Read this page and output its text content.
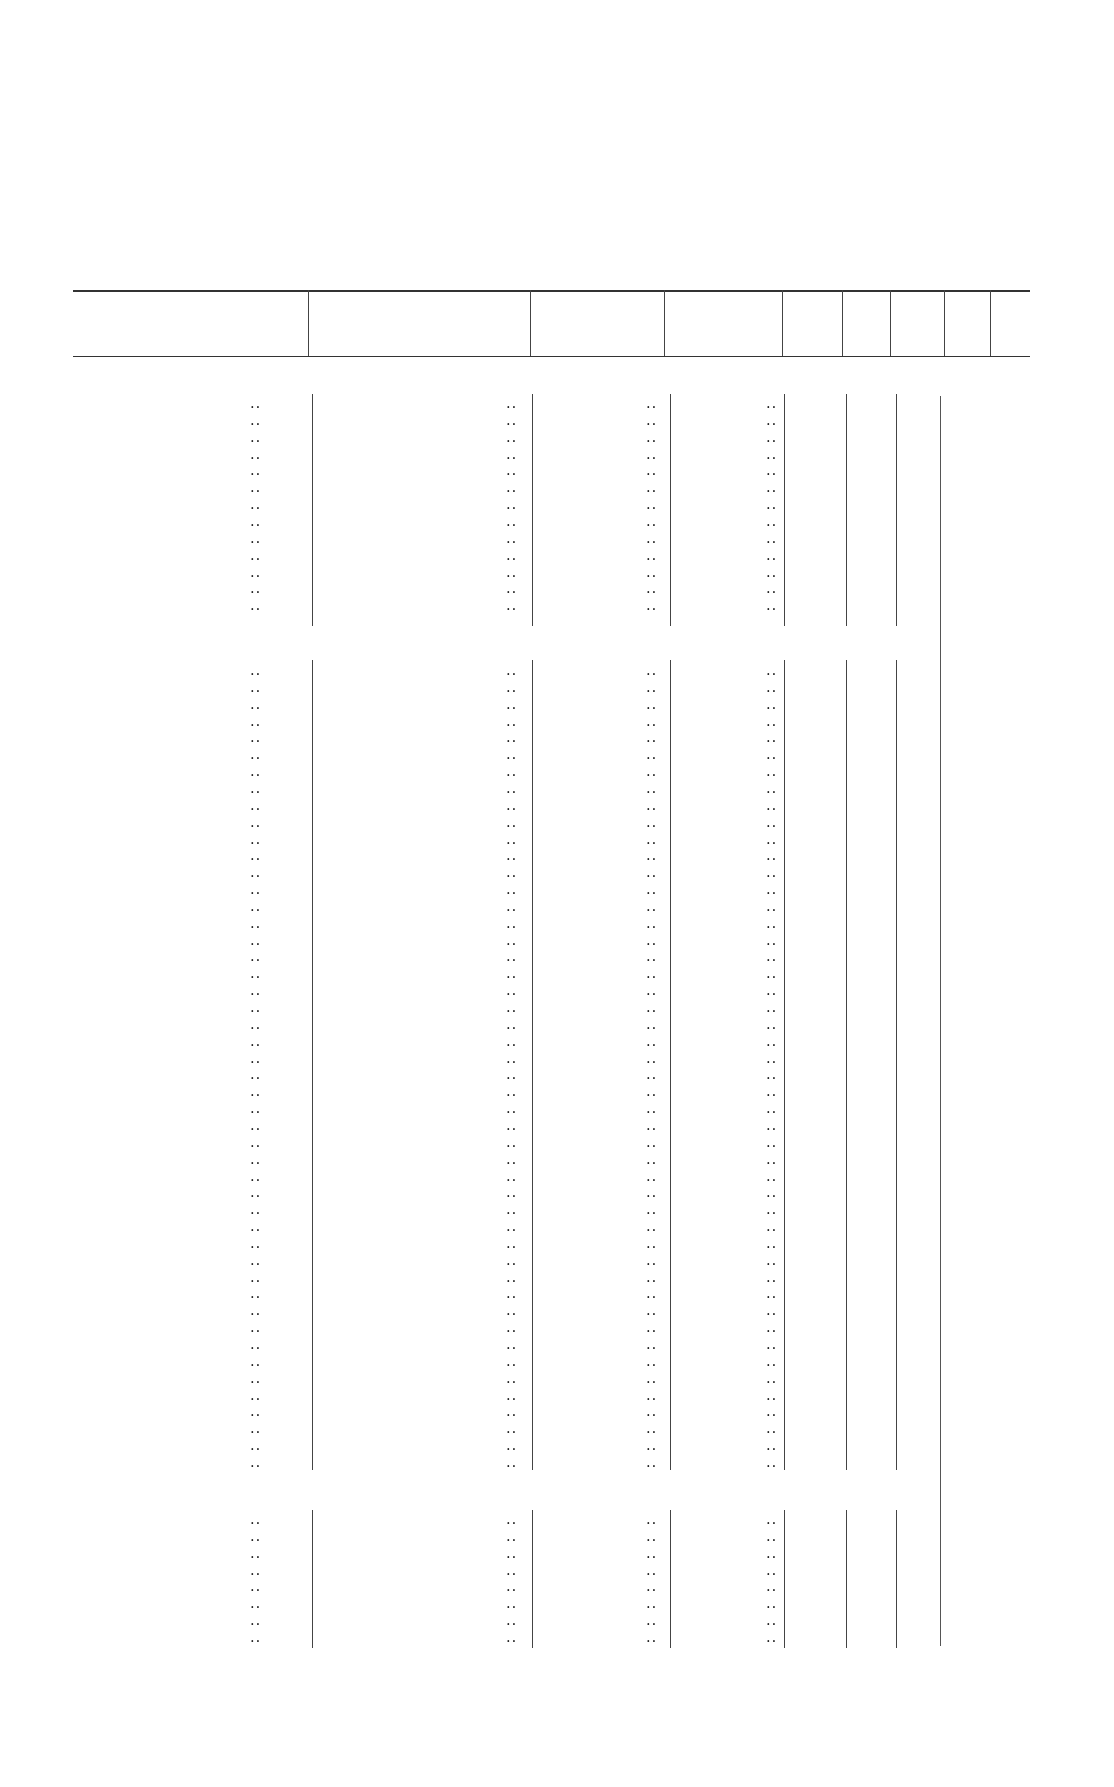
..	..	..	..
..	..	..	..
..	..	..	..
..	..	..	..
..	..	..	..
..	..	..	..
..	..	..	..
..	..	..	..
..	..	..	..
..	..	..	..
..	..	..	..
..	..	..	..
..	..	..	..
..	..	..	..
..	..	..	..
..	..	..	..
..	..	..	..
..	..	..	..
..	..	..	..
..	..	..	..
..	..	..	..
..	..	..	..
..	..	..	..
..	..	..	..
..	..	..	..
..	..	..	..
..	..	..	..
..	..	..	..
..	..	..	..
..	..	..	..
..	..	..	..
..	..	..	..
..	..	..	..
..	..	..	..
..	..	..	..
..	..	..	..
..	..	..	..
..	..	..	..
..	..	..	..
..	..	..	..
..	..	..	..
..	..	..	..
..	..	..	..
..	..	..	..
..	..	..	..
..	..	..	..
..	..	..	..
..	..	..	..
..	..	..	..
..	..	..	..
..	..	..	..
..	..	..	..
..	..	..	..
..	..	..	..
..	..	..	..
..	..	..	..
..	..	..	..
..	..	..	..
..	..	..	..
..	..	..	..
..	..	..	..
..	..	..	..
..	..	..	..
..	..	..	..
..	..	..	..
..	..	..	..
..	..	..	..
..	..	..	..
..	..	..	..
